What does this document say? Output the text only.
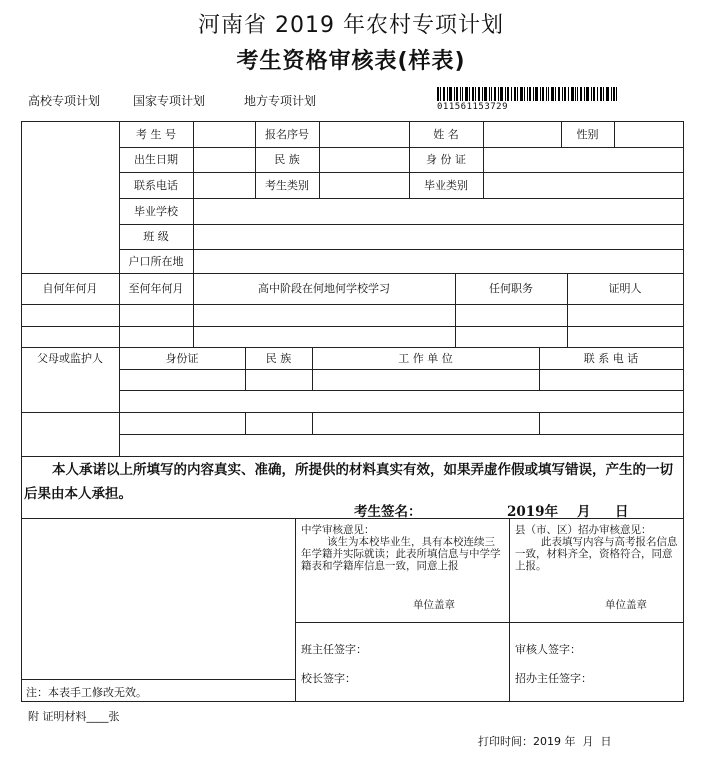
河南省 2019 年农村专项计划
考生资格审核表(样表)
高校专项计划	国家专项计划	地方专项计划	011561153729
考 生 号	报名序号	姓 名	性别
出生日期	民 族	身 份 证
联系电话	考生类别	毕业类别
毕业学校
班 级
户口所在地
自何年何月	至何年何月	高中阶段在何地何学校学习	任何职务	证明人
父母或监护人	身份证	民 族	工 作 单 位	联 系 电 话
本人承诺以上所填写的内容真实、准确，所提供的材料真实有效，如果弄虚作假或填写错误，产生的一切后果由本人承担。
考生签名：	2019年 月 日
中学审核意见：
该生为本校毕业生，具有本校连续三年学籍并实际就读；此表所填信息与中学学籍表和学籍库信息一致，同意上报
单位盖章
县（市、区）招办审核意见：
此表填写内容与高考报名信息一致，材料齐全，资格符合，同意上报。
单位盖章
班主任签字：
校长签字：
审核人签字：
招办主任签字：
注：本表手工修改无效。
附 证明材料____张
打印时间：2019 年  月  日
